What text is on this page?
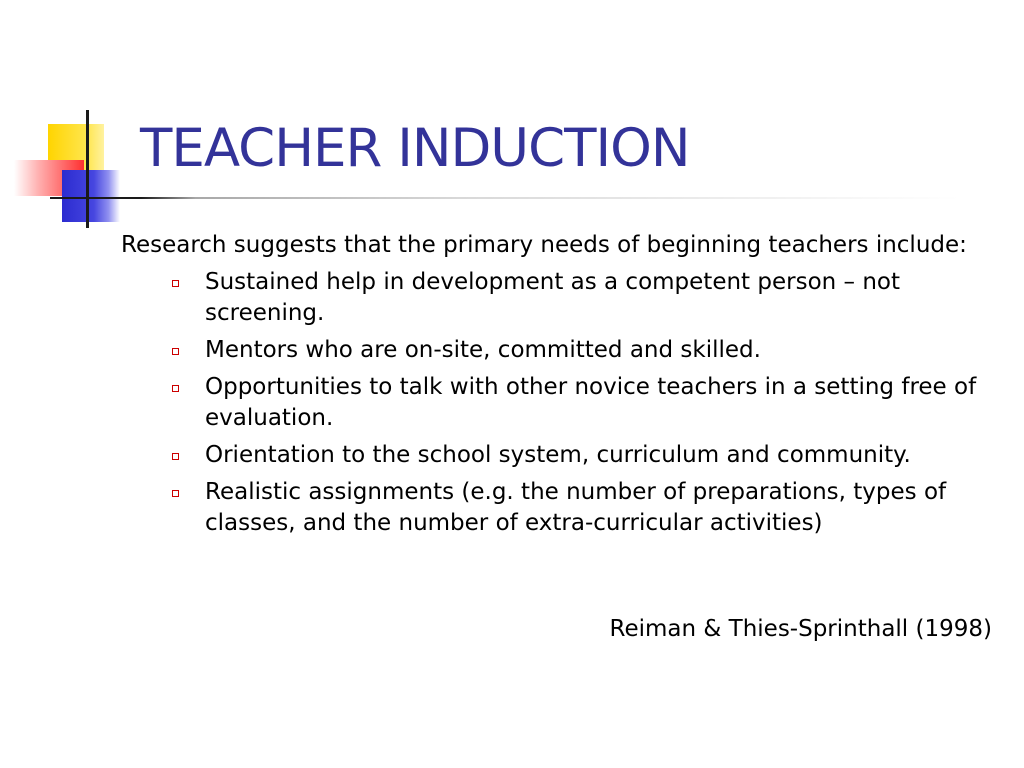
TEACHER INDUCTION

Research suggests that the primary needs of beginning teachers include:

Sustained help in development as a competent person – not screening.
Mentors who are on-site, committed and skilled.
Opportunities to talk with other novice teachers in a setting free of evaluation.
Orientation to the school system, curriculum and community.
Realistic assignments (e.g. the number of preparations, types of classes, and the number of extra-curricular activities)
Reiman & Thies-Sprinthall (1998)
